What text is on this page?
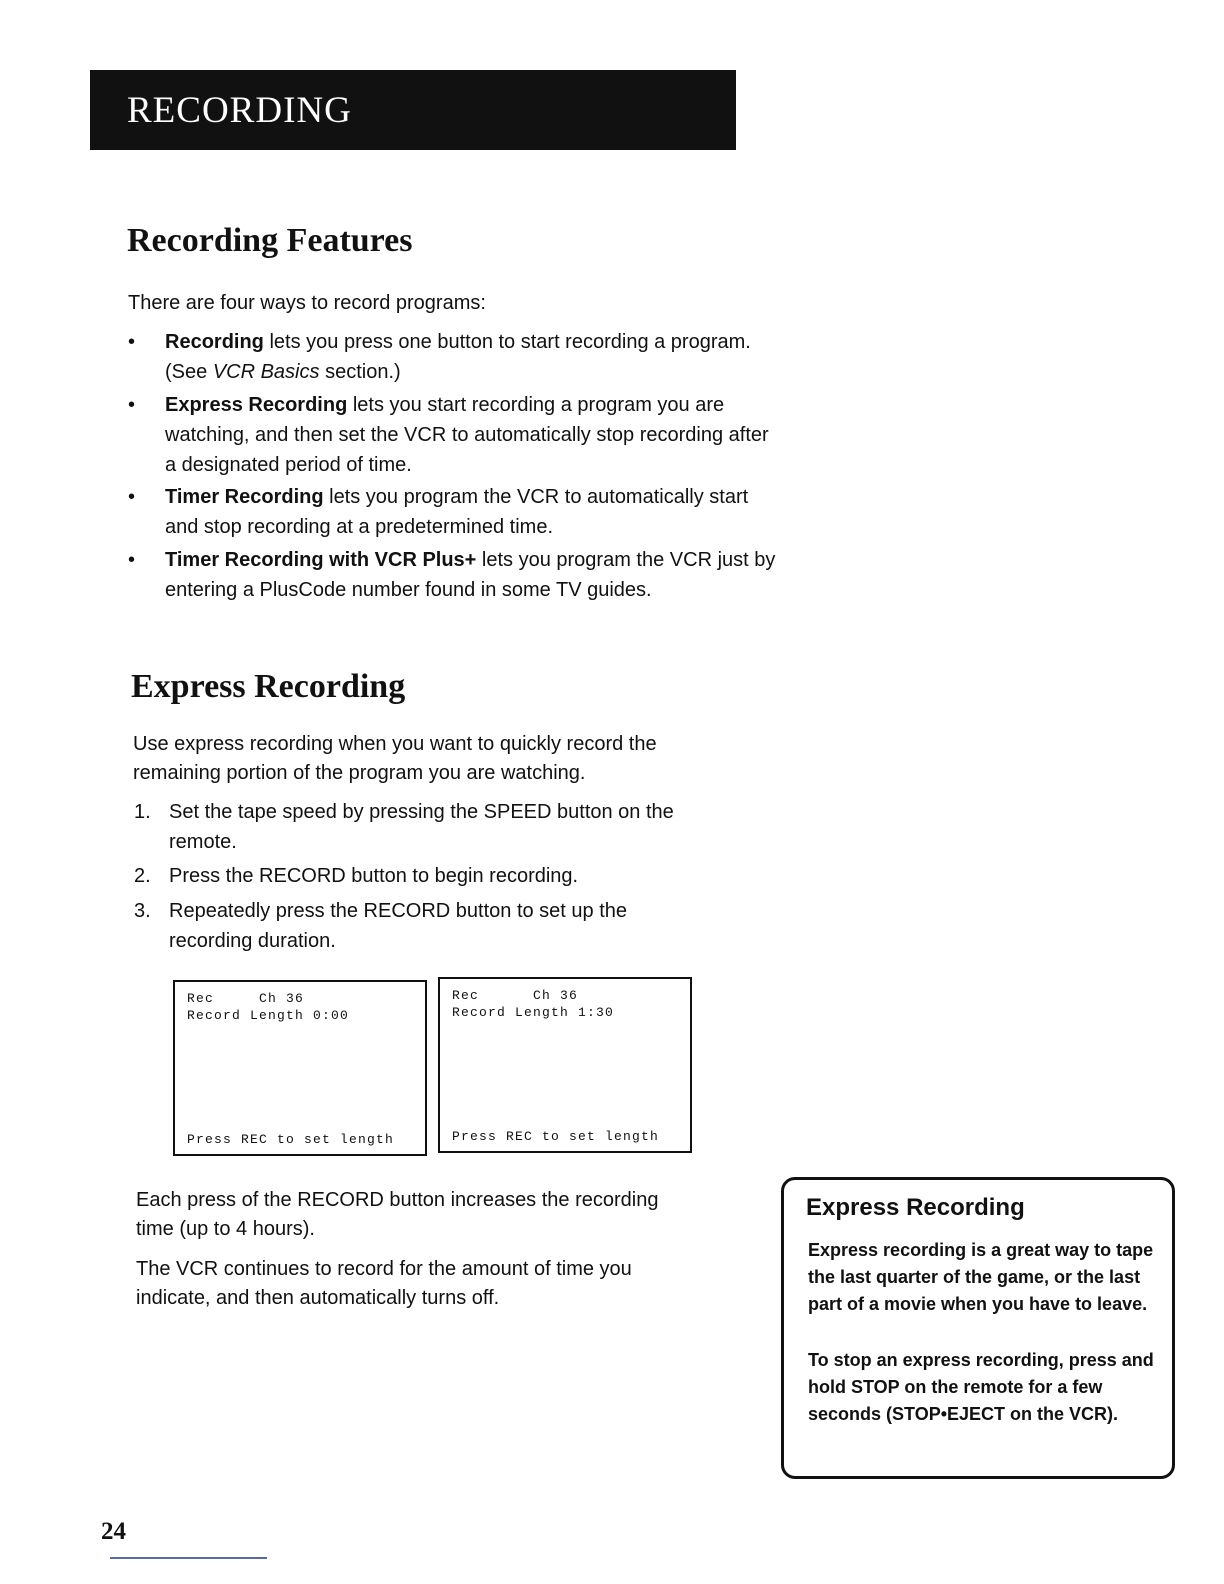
RECORDING
Recording Features

There are four ways to record programs:

• Recording lets you press one button to start recording a program. (See VCR Basics section.)
• Express Recording lets you start recording a program you are watching, and then set the VCR to automatically stop recording after a designated period of time.
• Timer Recording lets you program the VCR to automatically start and stop recording at a predetermined time.
• Timer Recording with VCR Plus+ lets you program the VCR just by entering a PlusCode number found in some TV guides.
Express Recording

Use express recording when you want to quickly record the remaining portion of the program you are watching.

1. Set the tape speed by pressing the SPEED button on the remote.
2. Press the RECORD button to begin recording.
3. Repeatedly press the RECORD button to set up the recording duration.
Rec     Ch 36
Record Length 0:00
Press REC to set length
Rec      Ch 36
Record Length 1:30
Press REC to set length

Each press of the RECORD button increases the recording time (up to 4 hours).

The VCR continues to record for the amount of time you indicate, and then automatically turns off.

Express Recording
Express recording is a great way to tape the last quarter of the game, or the last part of a movie when you have to leave.
To stop an express recording, press and hold STOP on the remote for a few seconds (STOP•EJECT on the VCR).
24
